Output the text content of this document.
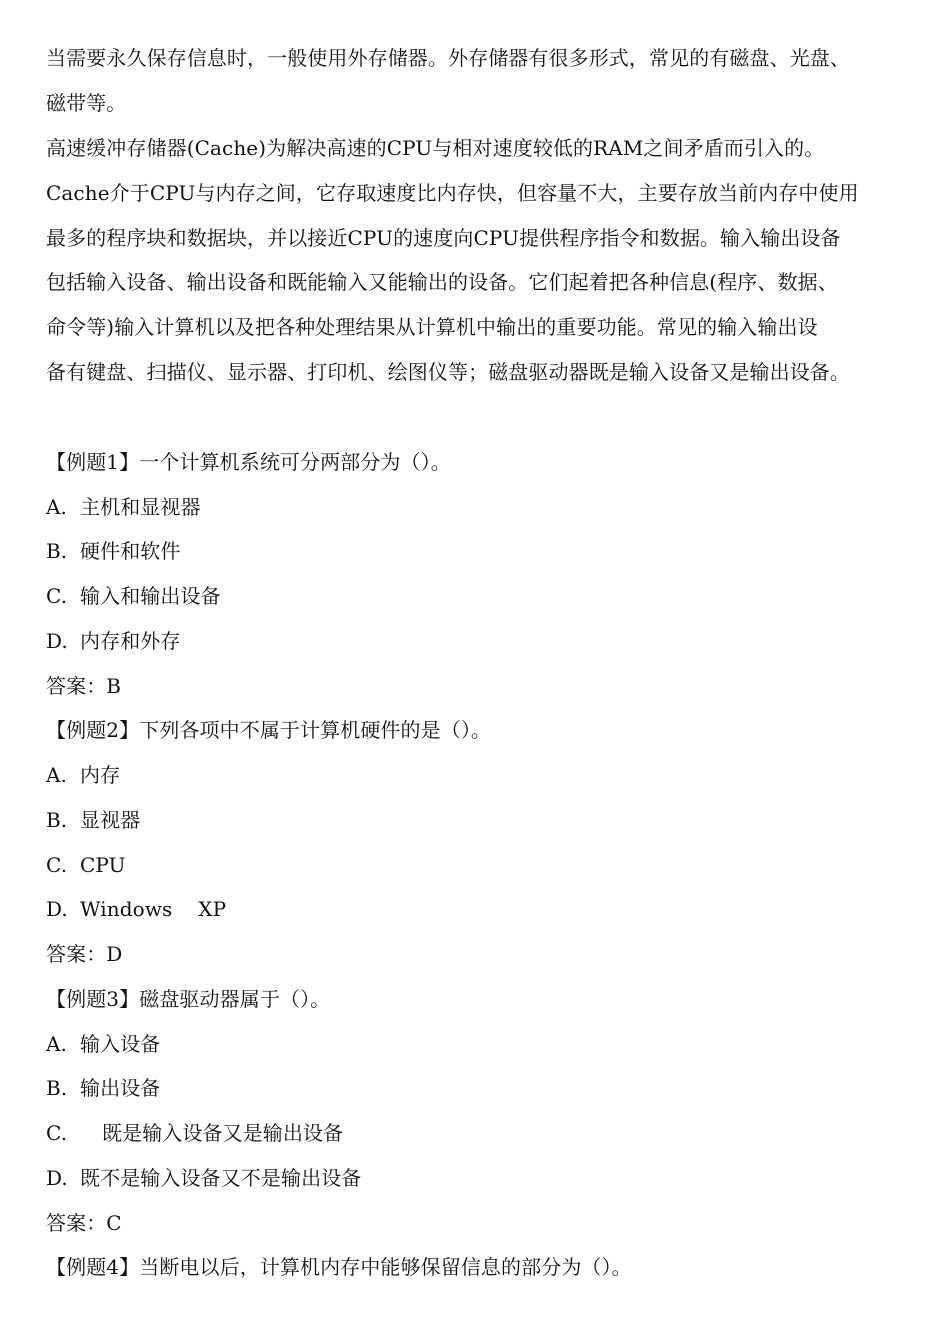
当需要永久保存信息时，一般使用外存储器。外存储器有很多形式，常见的有磁盘、光盘、
磁带等。
高速缓冲存储器(Cache)为解决高速的CPU与相对速度较低的RAM之间矛盾而引入的。
Cache介于CPU与内存之间，它存取速度比内存快，但容量不大，主要存放当前内存中使用
最多的程序块和数据块，并以接近CPU的速度向CPU提供程序指令和数据。输入输出设备
包括输入设备、输出设备和既能输入又能输出的设备。它们起着把各种信息(程序、数据、
命令等)输入计算机以及把各种处理结果从计算机中输出的重要功能。常见的输入输出设
备有键盘、扫描仪、显示器、打印机、绘图仪等；磁盘驱动器既是输入设备又是输出设备。
【例题1】一个计算机系统可分两部分为（）。
A. 主机和显视器
B. 硬件和软件
C. 输入和输出设备
D. 内存和外存
答案：B
【例题2】下列各项中不属于计算机硬件的是（）。
A. 内存
B. 显视器
C. CPU
D. Windows    XP
答案：D
【例题3】磁盘驱动器属于（）。
A. 输入设备
B. 输出设备
C. 既是输入设备又是输出设备
D. 既不是输入设备又不是输出设备
答案：C
【例题4】当断电以后，计算机内存中能够保留信息的部分为（）。
